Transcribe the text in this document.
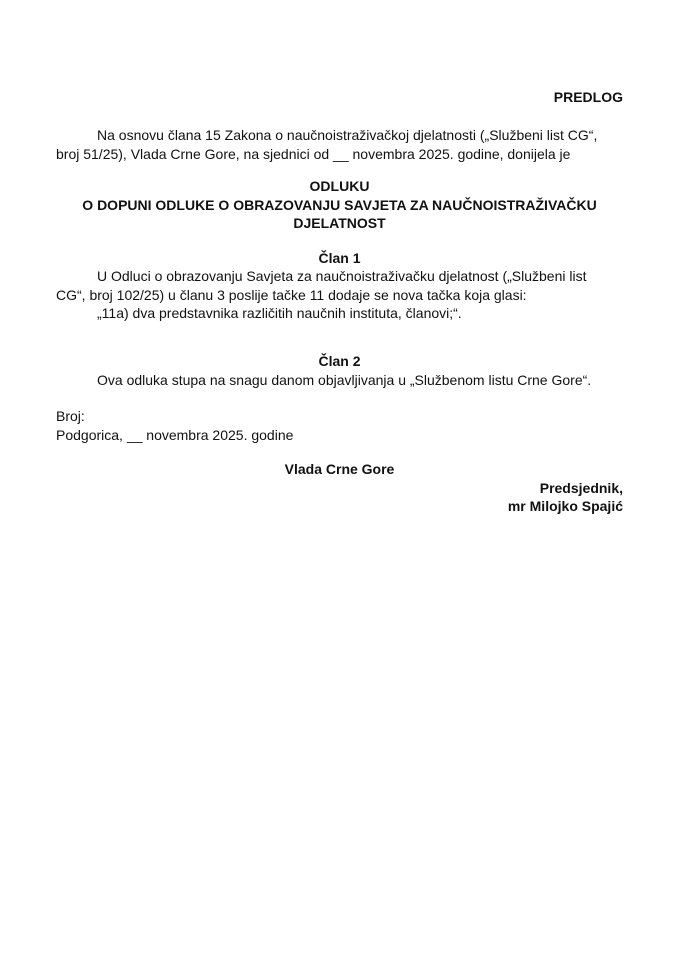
PREDLOG
Na osnovu člana 15 Zakona o naučnoistraživačkoj djelatnosti („Službeni list CG“,
broj 51/25), Vlada Crne Gore, na sjednici od __ novembra 2025. godine, donijela je
ODLUKU
O DOPUNI ODLUKE O OBRAZOVANJU SAVJETA ZA NAUČNOISTRAŽIVAČKU
DJELATNOST
Član 1
U Odluci o obrazovanju Savjeta za naučnoistraživačku djelatnost („Službeni list
CG“, broj 102/25) u članu 3 poslije tačke 11 dodaje se nova tačka koja glasi:
„11a) dva predstavnika različitih naučnih instituta, članovi;“.
Član 2
Ova odluka stupa na snagu danom objavljivanja u „Službenom listu Crne Gore“.
Broj:
Podgorica, __ novembra 2025. godine
Vlada Crne Gore
Predsjednik,
mr Milojko Spajić
